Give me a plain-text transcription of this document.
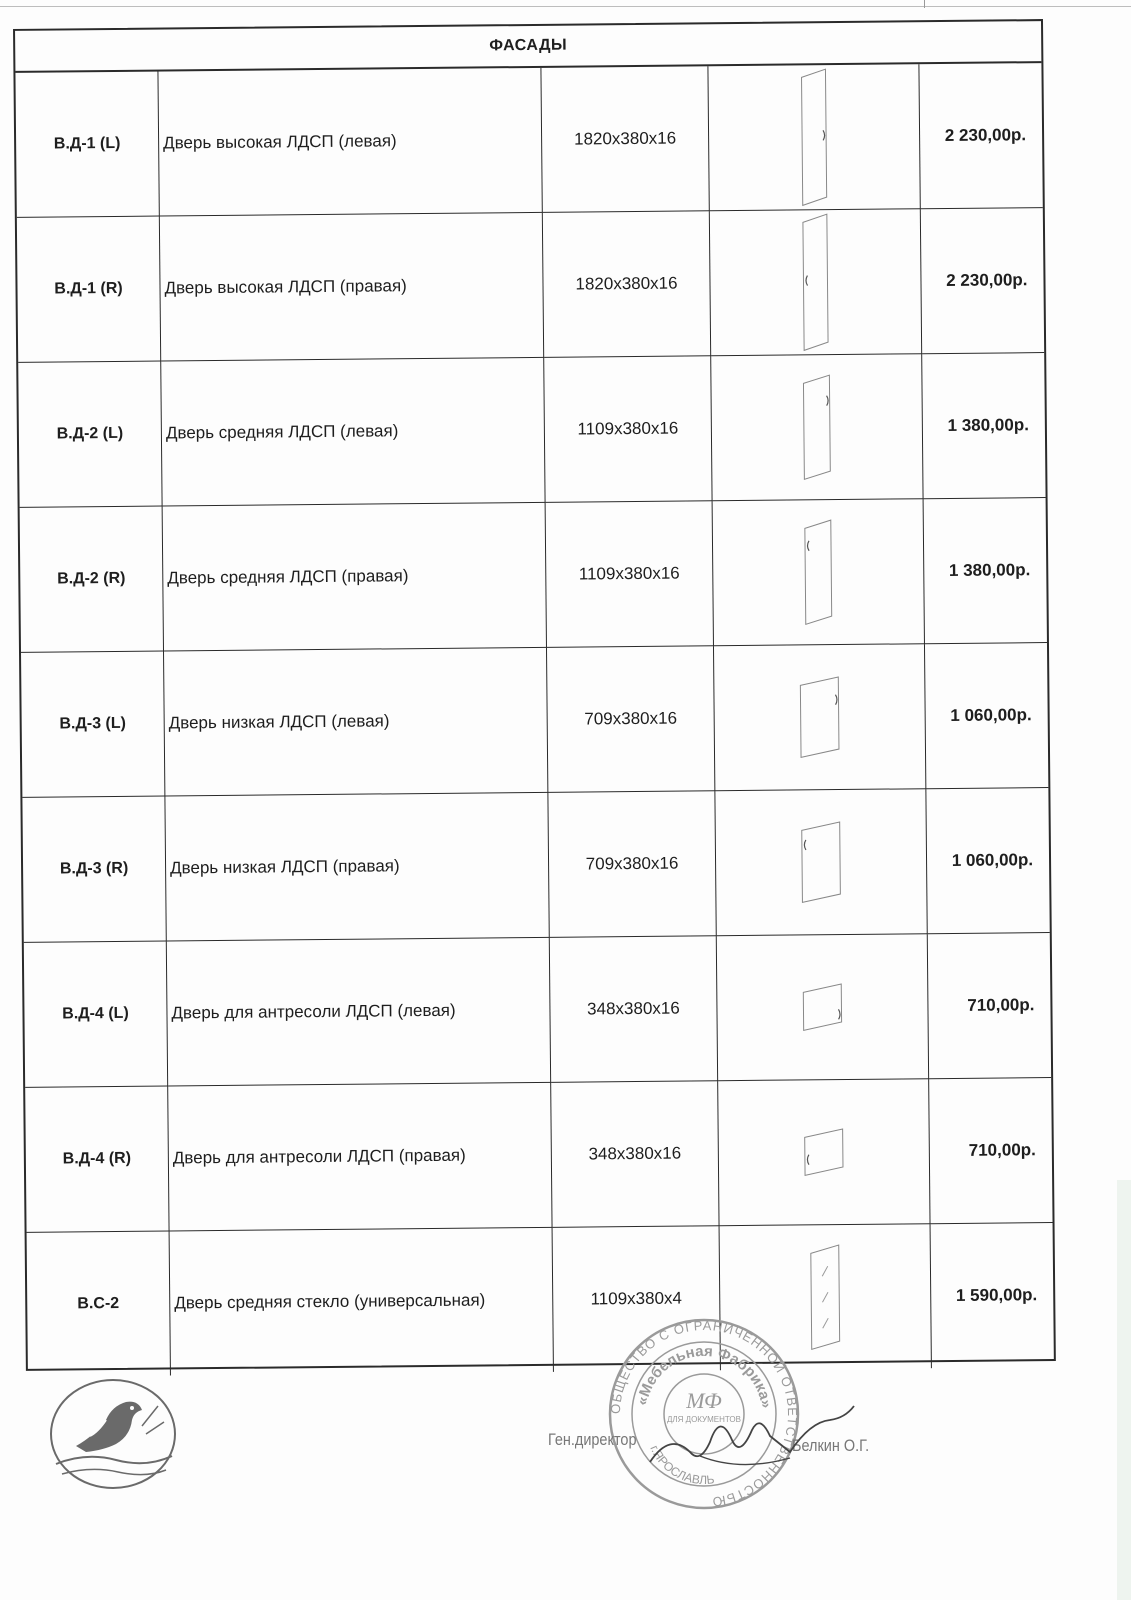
ФАСАДЫ
В.Д-1 (L)	Дверь высокая ЛДСП (левая)	1820x380x16		2 230,00р.
В.Д-1 (R)	Дверь высокая ЛДСП (правая)	1820x380x16		2 230,00р.
В.Д-2 (L)	Дверь средняя ЛДСП (левая)	1109x380x16		1 380,00р.
В.Д-2 (R)	Дверь средняя ЛДСП (правая)	1109x380x16		1 380,00р.
В.Д-3 (L)	Дверь низкая ЛДСП (левая)	709x380x16		1 060,00р.
В.Д-3 (R)	Дверь низкая ЛДСП (правая)	709x380x16		1 060,00р.
В.Д-4 (L)	Дверь для антресоли ЛДСП (левая)	348x380x16		710,00р.
В.Д-4 (R)	Дверь для антресоли ЛДСП (правая)	348x380x16		710,00р.
В.С-2	Дверь средняя стекло (универсальная)	1109x380x4		1 590,00р.
ОБЩЕСТВО С ОГРАНИЧЕННОЙ ОТВЕТСТВЕННОСТЬЮ
«Мебельная Фабрика»
г.ЯРОСЛАВЛЬ
ДЛЯ ДОКУМЕНТОВ
МФ
Ген.директор	Белкин О.Г.
